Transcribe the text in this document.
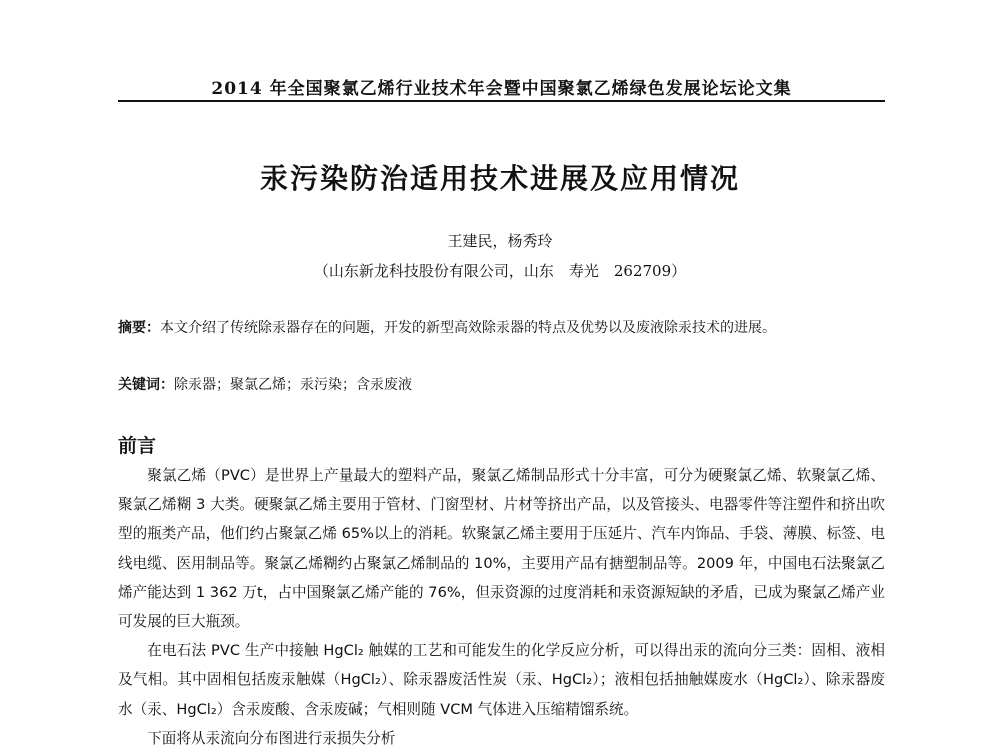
2014 年全国聚氯乙烯行业技术年会暨中国聚氯乙烯绿色发展论坛论文集
汞污染防治适用技术进展及应用情况
王建民，杨秀玲
（山东新龙科技股份有限公司，山东　寿光　262709）

摘要：本文介绍了传统除汞器存在的问题，开发的新型高效除汞器的特点及优势以及废液除汞技术的进展。

关键词：除汞器；聚氯乙烯；汞污染；含汞废液

前言

聚氯乙烯（PVC）是世界上产量最大的塑料产品，聚氯乙烯制品形式十分丰富，可分为硬聚氯乙烯、软聚氯乙烯、聚氯乙烯糊 3 大类。硬聚氯乙烯主要用于管材、门窗型材、片材等挤出产品，以及管接头、电器零件等注塑件和挤出吹型的瓶类产品，他们约占聚氯乙烯 65%以上的消耗。软聚氯乙烯主要用于压延片、汽车内饰品、手袋、薄膜、标签、电线电缆、医用制品等。聚氯乙烯糊约占聚氯乙烯制品的 10%，主要用产品有搪塑制品等。2009 年，中国电石法聚氯乙烯产能达到 1 362 万t，占中国聚氯乙烯产能的 76%，但汞资源的过度消耗和汞资源短缺的矛盾，已成为聚氯乙烯产业可发展的巨大瓶颈。

在电石法 PVC 生产中接触 HgCl₂ 触媒的工艺和可能发生的化学反应分析，可以得出汞的流向分三类：固相、液相及气相。其中固相包括废汞触媒（HgCl₂）、除汞器废活性炭（汞、HgCl₂）；液相包括抽触媒废水（HgCl₂）、除汞器废水（汞、HgCl₂）含汞废酸、含汞废碱；气相则随 VCM 气体进入压缩精馏系统。

下面将从汞流向分布图进行汞损失分析
